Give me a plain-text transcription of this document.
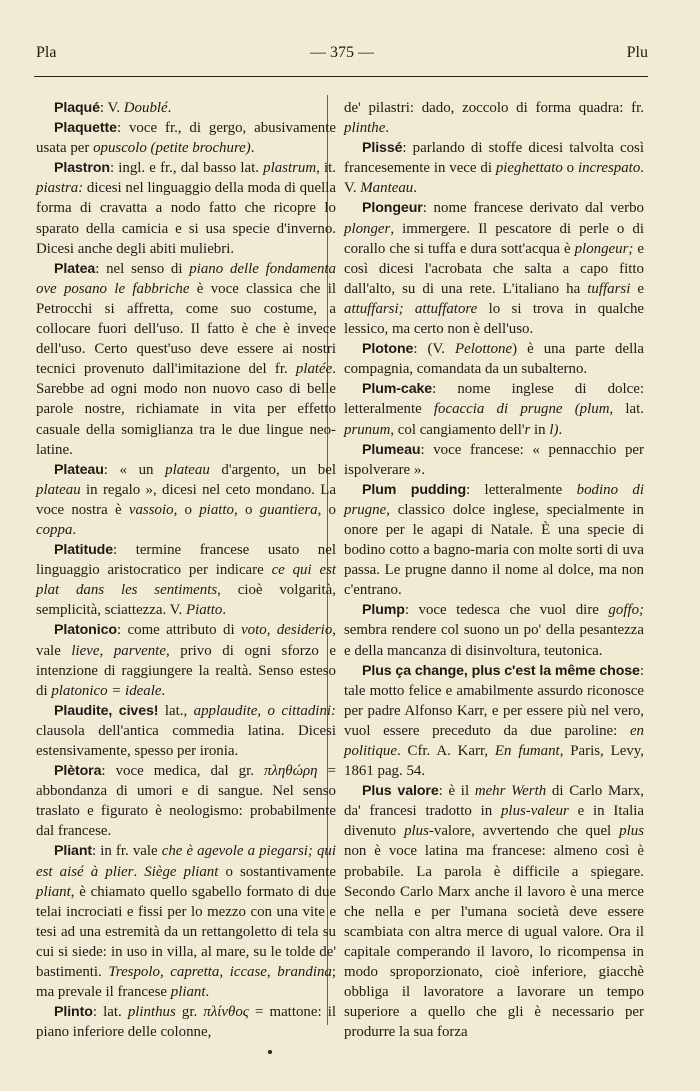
Pla	— 375 —	Plu

Plaqué: V. Doublé.

Plaquette: voce fr., di gergo, abusivamente usata per opuscolo (petite brochure).

Plastron: ingl. e fr., dal basso lat. plastrum, it. piastra: dicesi nel linguaggio della moda di quella forma di cravatta a nodo fatto che ricopre lo sparato della camicia e si usa specie d'inverno. Dicesi anche degli abiti muliebri.

Platea: nel senso di piano delle fondamenta ove posano le fabbriche è voce classica che il Petrocchi si affretta, come suo costume, a collocare fuori dell'uso. Il fatto è che è invece dell'uso. Certo quest'uso deve essere ai nostri tecnici provenuto dall'imitazione del fr. platée. Sarebbe ad ogni modo non nuovo caso di belle parole nostre, richiamate in vita per effetto casuale della somiglianza tra le due lingue neo-latine.

Plateau: « un plateau d'argento, un bel plateau in regalo », dicesi nel ceto mondano. La voce nostra è vassoio, o piatto, o guantiera, o coppa.

Platitude: termine francese usato nel linguaggio aristocratico per indicare ce qui est plat dans les sentiments, cioè volgarità, semplicità, sciattezza. V. Piatto.

Platonico: come attributo di voto, desiderio, vale lieve, parvente, privo di ogni sforzo e intenzione di raggiungere la realtà. Senso esteso di platonico = ideale.

Plaudite, cives! lat., applaudite, o cittadini: clausola dell'antica commedia latina. Dicesi estensivamente, spesso per ironia.

Plètora: voce medica, dal gr. πληθώρη = abbondanza di umori e di sangue. Nel senso traslato e figurato è neologismo: probabilmente dal francese.

Pliant: in fr. vale che è agevole a piegarsi; qui est aisé à plier. Siège pliant o sostantivamente pliant, è chiamato quello sgabello formato di due telai incrociati e fissi per lo mezzo con una vite e tesi ad una estremità da un rettangoletto di tela su cui si siede: in uso in villa, al mare, su le tolde de' bastimenti. Trespolo, capretta, iccase, brandina; ma prevale il francese pliant.

Plinto: lat. plinthus gr. πλίνθος = mattone: il piano inferiore delle colonne,

de' pilastri: dado, zoccolo di forma quadra: fr. plinthe.

Plissé: parlando di stoffe dicesi talvolta così francesemente in vece di pieghettato o increspato. V. Manteau.

Plongeur: nome francese derivato dal verbo plonger, immergere. Il pescatore di perle o di corallo che si tuffa e dura sott'acqua è plongeur; e così dicesi l'acrobata che salta a capo fitto dall'alto, su di una rete. L'italiano ha tuffarsi e attuffarsi; attuffatore lo si trova in qualche lessico, ma certo non è dell'uso.

Plotone: (V. Pelottone) è una parte della compagnia, comandata da un subalterno.

Plum-cake: nome inglese di dolce: letteralmente focaccia di prugne (plum, lat. prunum, col cangiamento dell'r in l).

Plumeau: voce francese: « pennacchio per ispolverare ».

Plum pudding: letteralmente bodino di prugne, classico dolce inglese, specialmente in onore per le agapi di Natale. È una specie di bodino cotto a bagno-maria con molte sorti di uva passa. Le prugne danno il nome al dolce, ma non c'entrano.

Plump: voce tedesca che vuol dire goffo; sembra rendere col suono un po' della pesantezza e della mancanza di disinvoltura, teutonica.

Plus ça change, plus c'est la même chose: tale motto felice e amabilmente assurdo riconosce per padre Alfonso Karr, e per essere più nel vero, vuol essere preceduto da due paroline: en politique. Cfr. A. Karr, En fumant, Paris, Levy, 1861 pag. 54.

Plus valore: è il mehr Werth di Carlo Marx, da' francesi tradotto in plus-valeur e in Italia divenuto plus-valore, avvertendo che quel plus non è voce latina ma francese: almeno così è probabile. La parola è difficile a spiegare. Secondo Carlo Marx anche il lavoro è una merce che nella e per l'umana società deve essere scambiata con altra merce di ugual valore. Ora il capitale comperando il lavoro, lo ricompensa in modo sproporzionato, cioè inferiore, giacchè obbliga il lavoratore a lavorare un tempo superiore a quello che gli è necessario per produrre la sua forza
